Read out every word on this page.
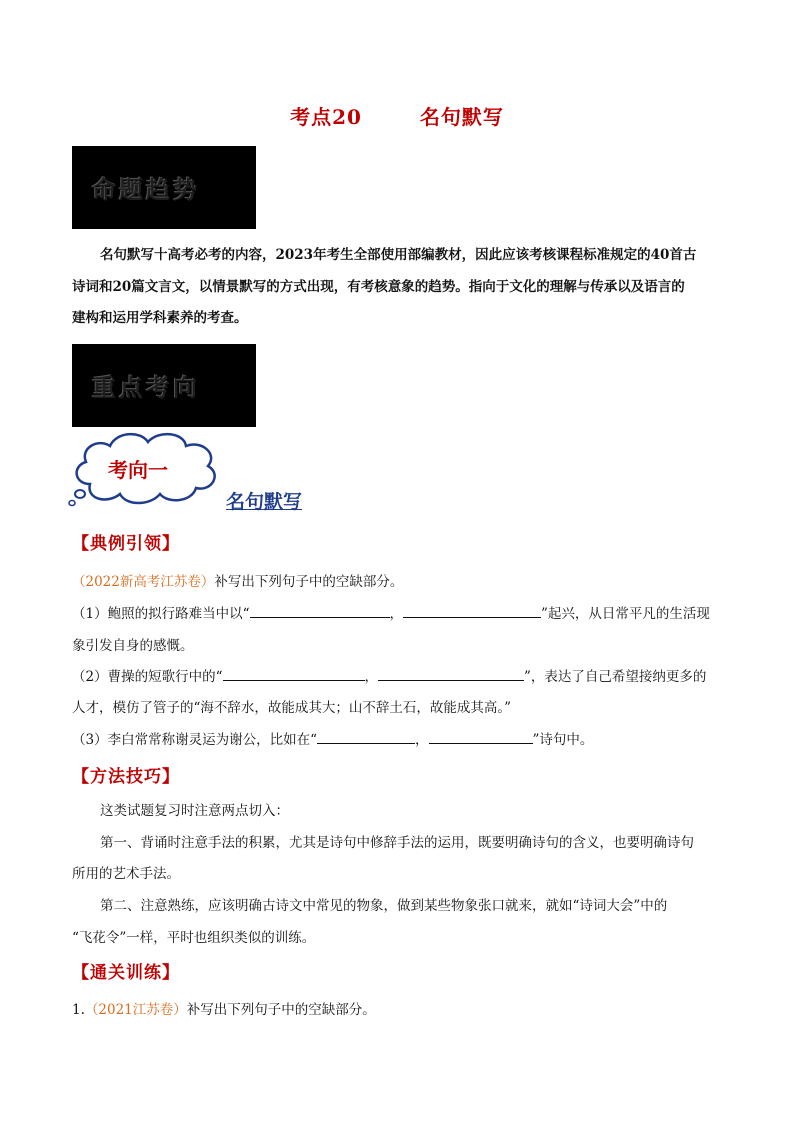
考点20	名句默写
命题趋势
名句默写十高考必考的内容，2023年考生全部使用部编教材，因此应该考核课程标准规定的40首古
诗词和20篇文言文，以情景默写的方式出现，有考核意象的趋势。指向于文化的理解与传承以及语言的
建构和运用学科素养的考查。
重点考向
考向一
名句默写
【典例引领】
（2022新高考江苏卷）补写出下列句子中的空缺部分。
（1）鲍照的拟行路难当中以“	，	”起兴，从日常平凡的生活现
象引发自身的感慨。
（2）曹操的短歌行中的“	，	”，表达了自己希望接纳更多的
人才，模仿了管子的“海不辞水，故能成其大；山不辞土石，故能成其高。”
（3）李白常常称谢灵运为谢公，比如在“	，	”诗句中。
【方法技巧】
这类试题复习时注意两点切入：
第一、背诵时注意手法的积累，尤其是诗句中修辞手法的运用，既要明确诗句的含义，也要明确诗句
所用的艺术手法。
第二、注意熟练，应该明确古诗文中常见的物象，做到某些物象张口就来，就如“诗词大会”中的
“飞花令”一样，平时也组织类似的训练。
【通关训练】
1.（2021江苏卷）补写出下列句子中的空缺部分。
